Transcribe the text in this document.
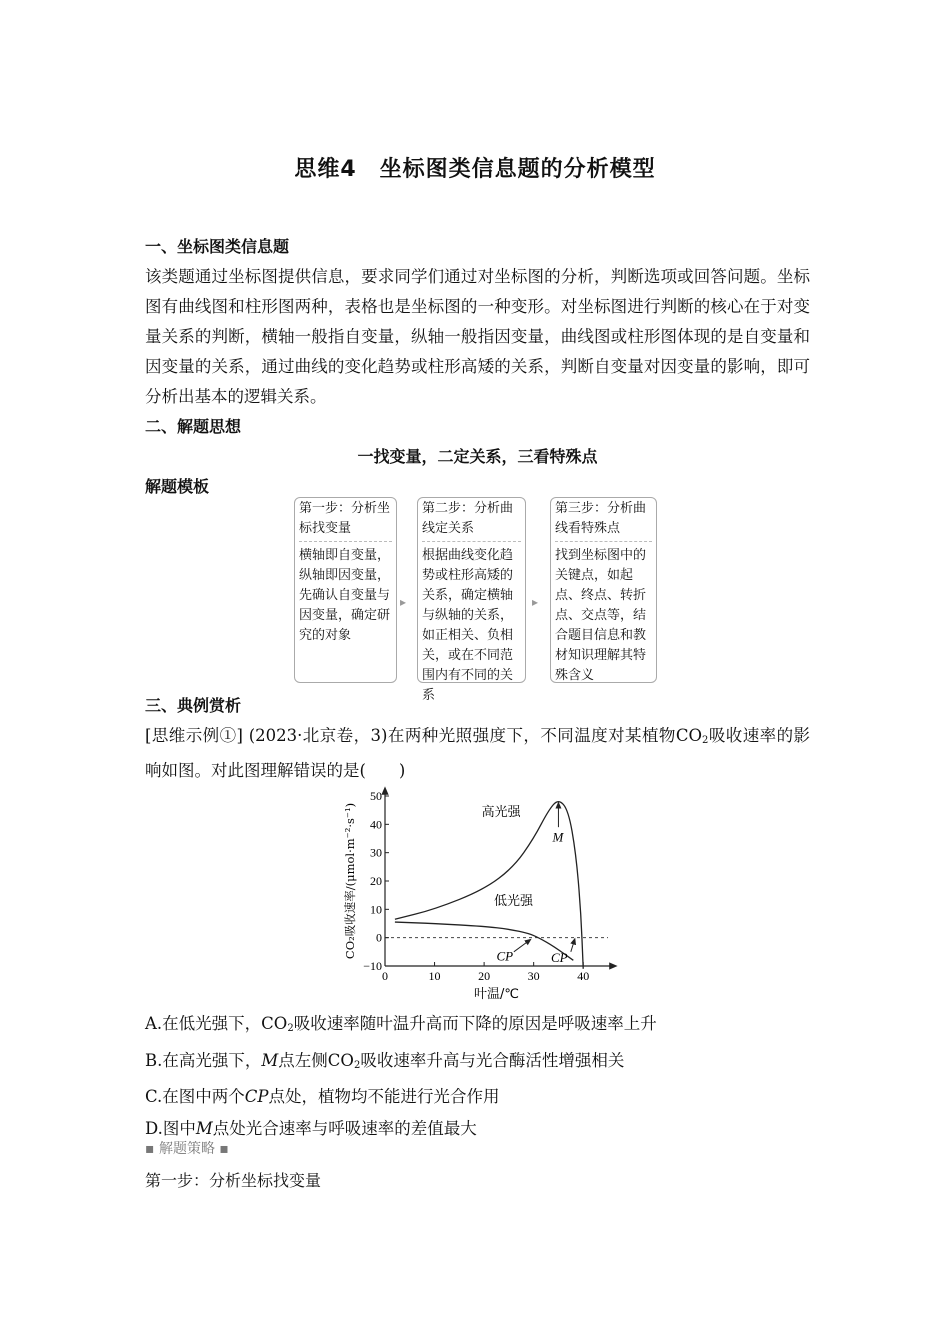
思维4　坐标图类信息题的分析模型
一、坐标图类信息题
该类题通过坐标图提供信息，要求同学们通过对坐标图的分析，判断选项或回答问题。坐标图有曲线图和柱形图两种，表格也是坐标图的一种变形。对坐标图进行判断的核心在于对变量关系的判断，横轴一般指自变量，纵轴一般指因变量，曲线图或柱形图体现的是自变量和因变量的关系，通过曲线的变化趋势或柱形高矮的关系，判断自变量对因变量的影响，即可分析出基本的逻辑关系。
二、解题思想
一找变量，二定关系，三看特殊点
解题模板
第一步：分析坐标找变量
横轴即自变量，纵轴即因变量，先确认自变量与因变量，确定研究的对象
▸
第二步：分析曲线定关系
根据曲线变化趋势或柱形高矮的关系，确定横轴与纵轴的关系，如正相关、负相关，或在不同范围内有不同的关系
▸
第三步：分析曲线看特殊点
找到坐标图中的关键点，如起点、终点、转折点、交点等，结合题目信息和教材知识理解其特殊含义
三、典例赏析
[思维示例①] (2023·北京卷，3)在两种光照强度下，不同温度对某植物$CO_2$吸收速率的影响如图。对此图理解错误的是(　　)
0	10	20	30	40
−10
0
10
20
30
40
50
叶温/℃
CO₂吸收速率/(μmol·m⁻²·s⁻¹)	高光强
低光强
M
CP	CP
A.在低光强下，$CO_2$吸收速率随叶温升高而下降的原因是呼吸速率上升
B.在高光强下，M点左侧$CO_2$吸收速率升高与光合酶活性增强相关
C.在图中两个CP点处，植物均不能进行光合作用
D.图中M点处光合速率与呼吸速率的差值最大
▪ 解题策略 ▪
第一步：分析坐标找变量
